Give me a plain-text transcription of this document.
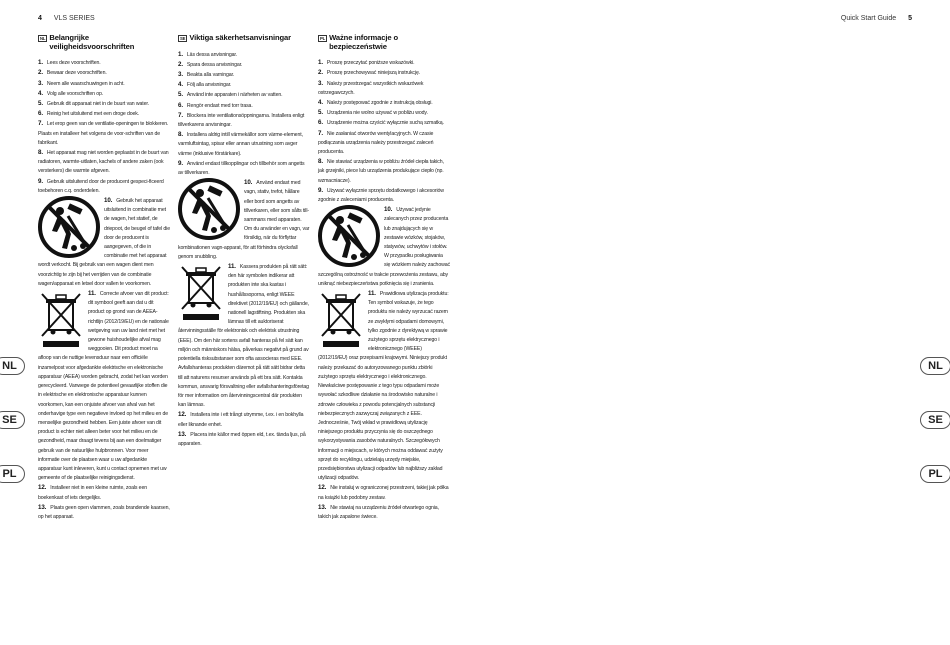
4 VLS SERIES	Quick Start Guide 5
NL
SE
PL
NL
SE
PL
NL Belangrijke veiligheidsvoorschriften
1. Lees deze voorschriften.
2. Bewaar deze voorschriften.
3. Neem alle waarschuwingen in acht.
4. Volg alle voorschriften op.
5. Gebruik dit apparaat niet in de buurt van water.
6. Reinig het uitsluitend met een droge doek.
7. Let erop geen van de ventilatie-openingen te blokkeren. Plaats en installeer het volgens de voor-schriften van de fabrikant.
8. Het apparaat mag niet worden geplaatst in de buurt van radiatoren, warmte-uitlaten, kachels of andere zaken (ook versterkers) die warmte afgeven.
9. Gebruik uitsluitend door de producent gespeci-ficeerd toebehoren c.q. onderdelen.
10. Gebruik het apparaat uitsluitend in combinatie met de wagen, het statief, de driepoot, de beugel of tafel die door de producent is aangegeven, of die in combinatie met het apparaat wordt verkocht. Bij gebruik van een wagen dient men voorzichtig te zijn bij het verrijden van de combinatie wagen/apparaat en letsel door vallen te voorkomen.
11. Correcte afvoer van dit product: dit symbool geeft aan dat u dit product op grond van de AEEA-richtlijn (2012/19/EU) en de nationale wetgeving van uw land niet met het gewone huishoudelijke afval mag weggooien. Dit product moet na afloop van de nuttige levensduur naar een officiële inzamelpost voor afgedankte elektrische en elektronische apparatuur (AEEA) worden gebracht, zodat het kan worden gerecycleerd. Vanwege de potentieel gevaarlijke stoffen die in elektrische en elektronische apparatuur kunnen voorkomen, kan een onjuiste afvoer van afval van het onderhavige type een negatieve invloed op het milieu en de menselijke gezondheid hebben. Een juiste afvoer van dit product is echter niet alleen beter voor het milieu en de gezondheid, maar draagt tevens bij aan een doelmatiger gebruik van de natuurlijke hulpbronnen. Voor meer informatie over de plaatsen waar u uw afgedankte apparatuur kunt inleveren, kunt u contact opnemen met uw gemeente of de plaatselijke reinigingsdienst.
12. Installeer niet in een kleine ruimte, zoals een boekenkast of iets dergelijks.
13. Plaats geen open vlammen, zoals brandende kaarsen, op het apparaat.
SE Viktiga säkerhetsanvisningar
1. Läs dessa anvisningar.
2. Spara dessa anvisningar.
3. Beakta alla varningar.
4. Följ alla anvisningar.
5. Använd inte apparaten i närheten av vatten.
6. Rengör endast med torr trasa.
7. Blockera inte ventilationsöppningarna. Installera enligt tillverkarens anvisningar.
8. Installera aldrig intill värmekällor som värme-element, varmluftsintag, spisar eller annan utrustning som avger värme (inklusive förstärkare).
9. Använd endast tillkopplingar och tillbehör som angetts av tillverkaren.
10. Använd endast med vagn, stativ, trefot, hållare eller bord som angetts av tillverkaren, eller som sålts till-sammans med apparaten. Om du använder en vagn, var försiktig, när du förflyttar kombinationen vagn-apparat, för att förhindra olycksfall genom snubbling.
11. Kassera produkten på rätt sätt: den här symbolen indikerar att produkten inte ska kastas i hushållssoporna, enligt WEEE direktivet (2012/19/EU) och gällande, nationell lagstiftning. Produkten ska lämnas till ett auktoriserat återvinningsställe för elektronisk och elektrisk utrustning (EEE). Om den här sortens avfall hanteras på fel sätt kan miljön och människors hälsa, påverkas negativt på grund av potentiella risksubstanser som ofta associeras med EEE. Avfallshanteras produkten däremot på rätt sätt bidrar detta till att naturens resurser används på ett bra sätt. Kontakta kommun, ansvarig försvaltning eller avfallshanteringsföretag för mer information om återvinningscentral där produkten kan lämnas.
12. Installera inte i ett trångt utrymme, t.ex. i en bokhylla eller liknande enhet.
13. Placera inte källor med öppen eld, t.ex. tända ljus, på apparaten.
PL Ważne informacje o bezpieczeństwie
1. Proszę przeczytać poniższe wskazówki.
2. Proszę przechowywać niniejszą instrukcję.
3. Należy przestrzegać wszystkich wskazówek ostrzegawczych.
4. Należy postępować zgodnie z instrukcją obsługi.
5. Urządzenia nie wolno używać w pobliżu wody.
6. Urządzenie można czyścić wyłącznie suchą szmatką.
7. Nie zasłaniać otworów wentylacyjnych. W czasie podłączania urządzenia należy przestrzegać zaleceń producenta.
8. Nie stawiać urządzenia w pobliżu źródeł ciepła takich, jak grzejniki, piece lub urządzenia produkujące ciepło (np. wzmacniacze).
9. Używać wyłącznie sprzętu dodatkowego i akcesoriów zgodnie z zaleceniami producenta.
10. Używać jedynie zalecanych przez producenta lub znajdujących się w zestawie wózków, stojaków, statywów, uchwytów i stołów. W przypadku posługiwania się wózkiem należy zachować szczególną ostrożność w trakcie przewożenia zestawu, aby uniknąć niebezpieczeństwa potknięcia się i zranienia.
11. Prawidłowa utylizacja produktu: Ten symbol wskazuje, że tego produktu nie należy wyrzucać razem ze zwykłymi odpadami domowymi, tylko zgodnie z dyrektywą w sprawie zużytego sprzętu elektrycznego i elektronicznego (WEEE) (2012/19/EU) oraz przepisami krajowymi. Niniejszy produkt należy przekazać do autoryzowanego punktu zbiórki zużytego sprzętu elektrycznego i elektronicznego. Niewłaściwe postępowanie z tego typu odpadami może wywołać szkodliwe działanie na środowisko naturalne i zdrowie człowieka z powodu potencjalnych substancji niebezpiecznych zazwyczaj związanych z EEE. Jednocześnie, Twój wkład w prawidłową utylizację niniejszego produktu przyczynia się do oszczędnego wykorzystywania zasobów naturalnych. Szczegółowych informacji o miejscach, w których można oddawać zużyty sprzęt do recyklingu, udzielają urzędy miejskie, przedsiębiorstwa utylizacji odpadów lub najbliższy zakład utylizacji odpadów.
12. Nie instaluj w ograniczonej przestrzeni, takiej jak półka na książki lub podobny zestaw.
13. Nie stawiaj na urządzeniu źródeł otwartego ognia, takich jak zapalone świece.
